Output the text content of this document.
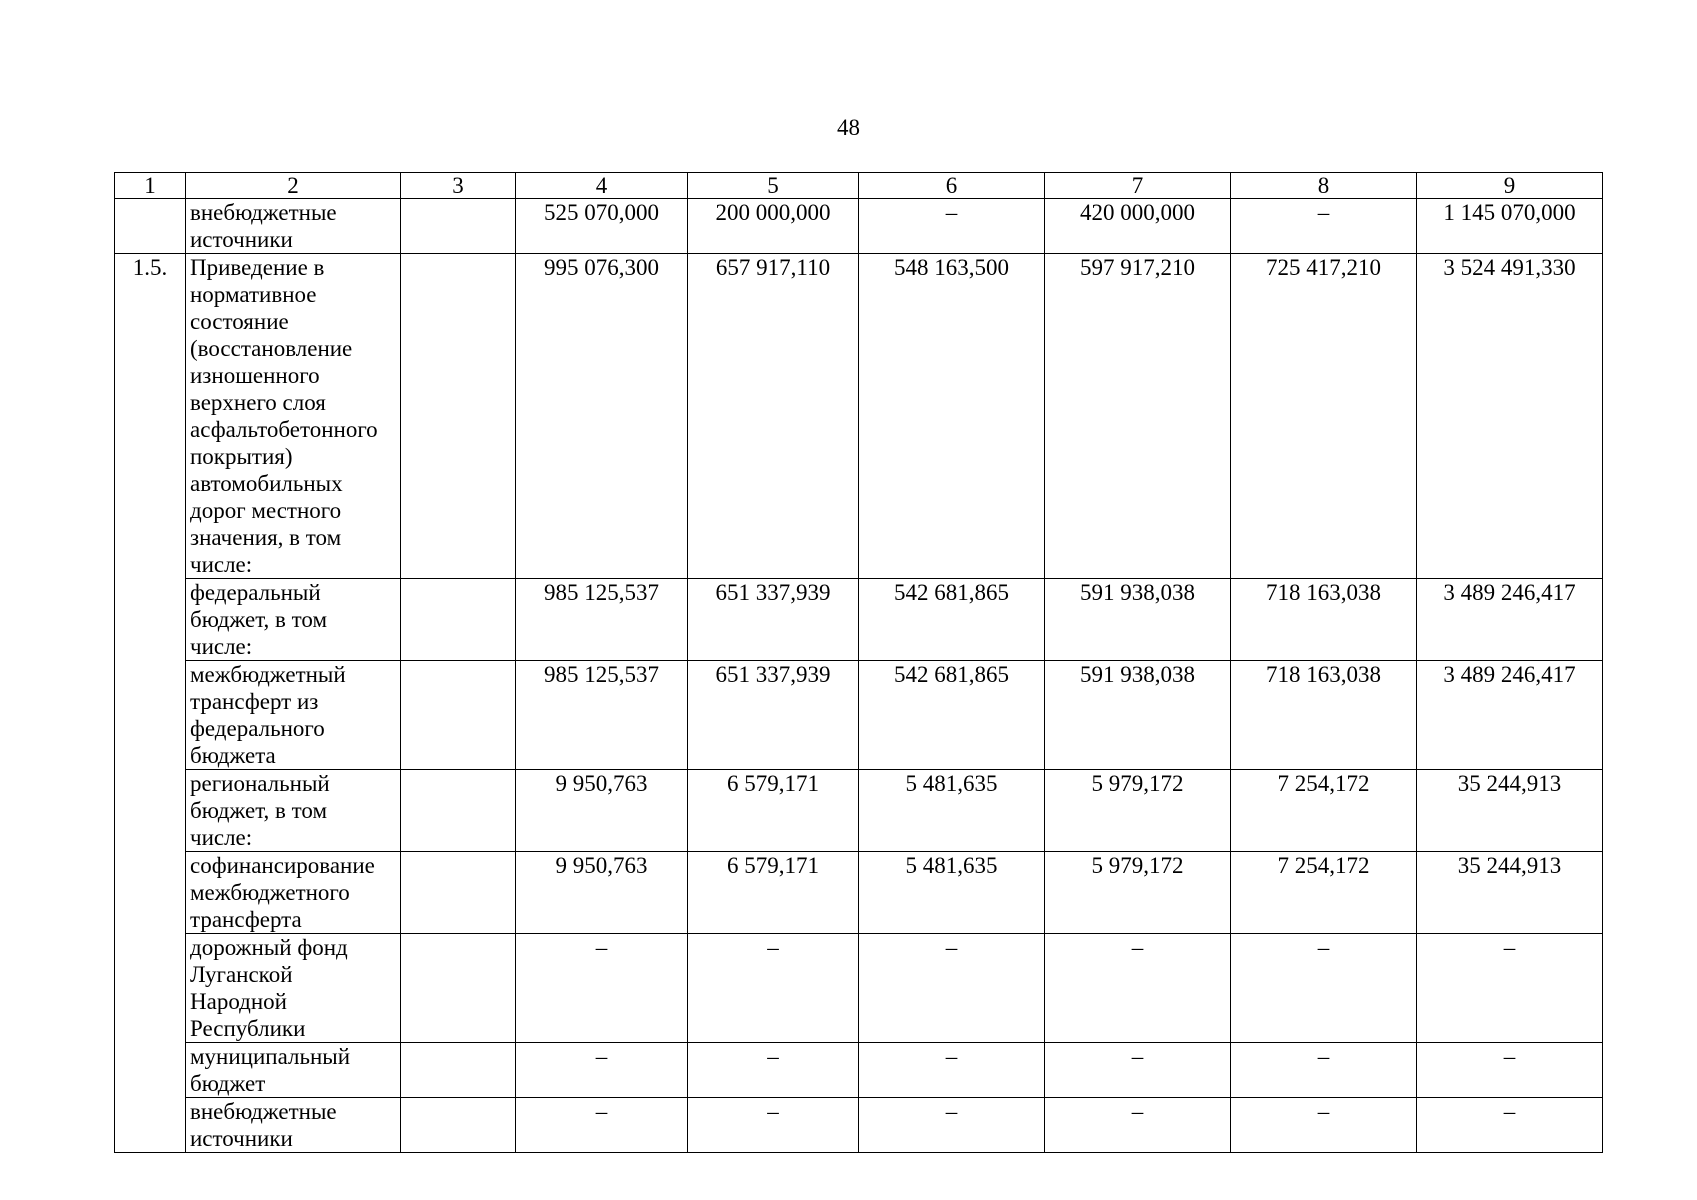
48
1	2	3	4	5	6	7	8	9

	внебюджетные источники		525 070,000	200 000,000	–	420 000,000	–	1 145 070,000
1.5.	Приведение в нормативное состояние (восстановление изношенного верхнего слоя асфальтобетонного покрытия) автомобильных дорог местного значения, в том числе:		995 076,300	657 917,110	548 163,500	597 917,210	725 417,210	3 524 491,330

	федеральный бюджет, в том числе:		985 125,537	651 337,939	542 681,865	591 938,038	718 163,038	3 489 246,417

	межбюджетный трансферт из федерального бюджета		985 125,537	651 337,939	542 681,865	591 938,038	718 163,038	3 489 246,417

	региональный бюджет, в том числе:		9 950,763	6 579,171	5 481,635	5 979,172	7 254,172	35 244,913

	софинансирование межбюджетного трансферта		9 950,763	6 579,171	5 481,635	5 979,172	7 254,172	35 244,913

	дорожный фонд Луганской Народной Республики		–	–	–	–	–	–

	муниципальный бюджет		–	–	–	–	–	–

	внебюджетные источники		–	–	–	–	–	–
